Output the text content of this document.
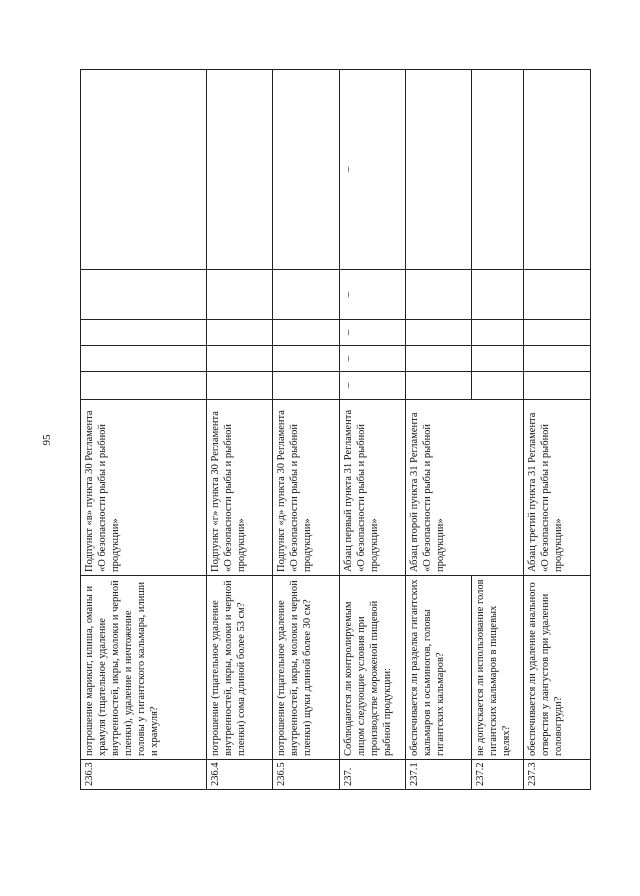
95
236.3	потрошение марикиг, илиша, оманы и храмуля (тщательное удаление внутренностей, икры, молоки и черной пленки), удаление и ничтожение головы у гигантского кальмара, илиши и храмуля?	Подпункт «в» пункта 30 Регламента «О безопасности рыбы и рыбной продукции»					
236.4	потрошение (тщательное удаление внутренностей, икры, молоки и черной пленки) сома длиной более 53 см?	Подпункт «г» пункта 30 Регламента «О безопасности рыбы и рыбной продукции»					
236.5	потрошение (тщательное удаление внутренностей, икры, молоки и черной пленки) щуки длиной более 30 см?	Подпункт «д» пункта 30 Регламента «О безопасности рыбы и рыбной продукции»					
237.	Соблюдаются ли контролируемым лицом следующие условия при производстве мороженой пищевой рыбной продукции:	Абзац первый пункта 31 Регламента «О безопасности рыбы и рыбной продукции»	–	–	–	–	–
237.1	обеспечивается ли разделка гигантских кальмаров и осьминогов, головы гигантских кальмаров?	Абзац второй пункта 31 Регламента «О безопасности рыбы и рыбной продукции»					
237.2	не допускается ли использование голов гигантских кальмаров в пищевых целях?						
237.3	обеспечивается ли удаление анального отверстия у лангустов при удалении головогруди?	Абзац третий пункта 31 Регламента «О безопасности рыбы и рыбной продукции»					
